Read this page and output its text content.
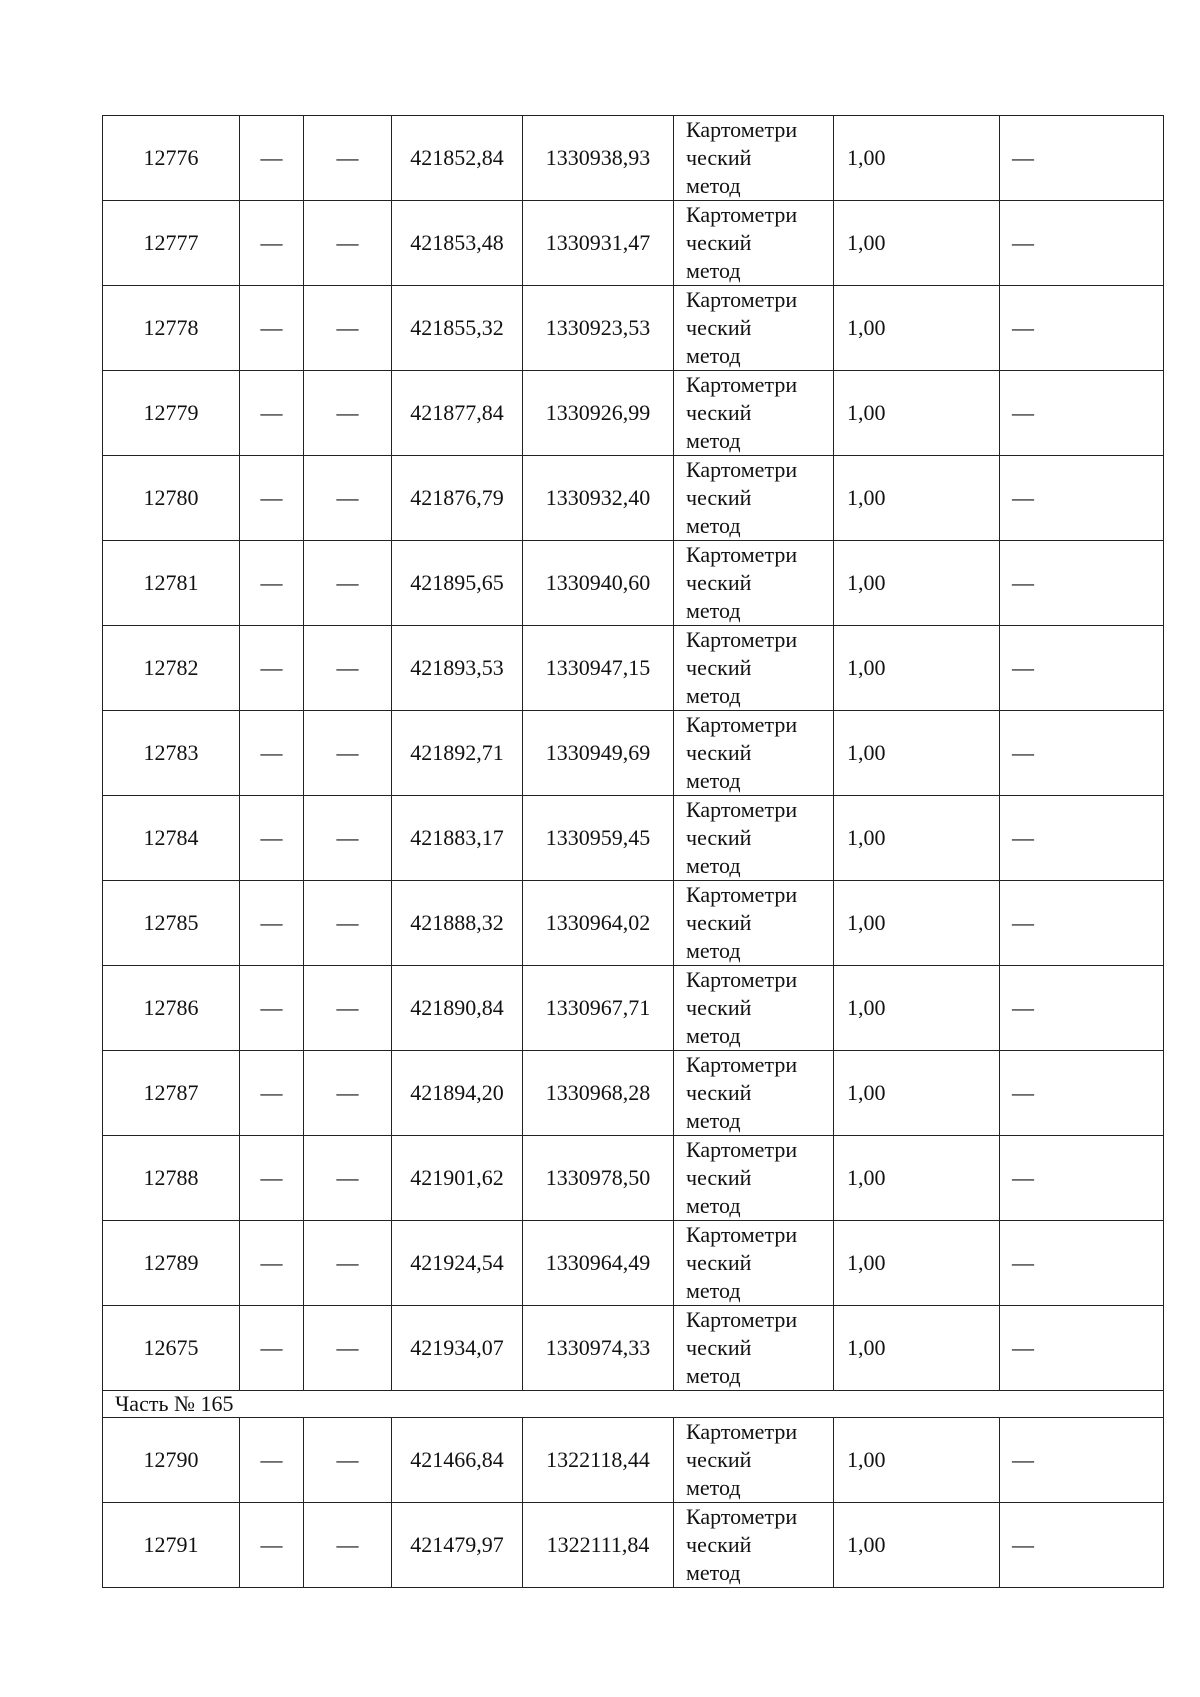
12776	—	—	421852,84	1330938,93	Картометри
ческий
метод	1,00	—
12777	—	—	421853,48	1330931,47	Картометри
ческий
метод	1,00	—
12778	—	—	421855,32	1330923,53	Картометри
ческий
метод	1,00	—
12779	—	—	421877,84	1330926,99	Картометри
ческий
метод	1,00	—
12780	—	—	421876,79	1330932,40	Картометри
ческий
метод	1,00	—
12781	—	—	421895,65	1330940,60	Картометри
ческий
метод	1,00	—
12782	—	—	421893,53	1330947,15	Картометри
ческий
метод	1,00	—
12783	—	—	421892,71	1330949,69	Картометри
ческий
метод	1,00	—
12784	—	—	421883,17	1330959,45	Картометри
ческий
метод	1,00	—
12785	—	—	421888,32	1330964,02	Картометри
ческий
метод	1,00	—
12786	—	—	421890,84	1330967,71	Картометри
ческий
метод	1,00	—
12787	—	—	421894,20	1330968,28	Картометри
ческий
метод	1,00	—
12788	—	—	421901,62	1330978,50	Картометри
ческий
метод	1,00	—
12789	—	—	421924,54	1330964,49	Картометри
ческий
метод	1,00	—
12675	—	—	421934,07	1330974,33	Картометри
ческий
метод	1,00	—
Часть № 165							
12790	—	—	421466,84	1322118,44	Картометри
ческий
метод	1,00	—
12791	—	—	421479,97	1322111,84	Картометри
ческий
метод	1,00	—
